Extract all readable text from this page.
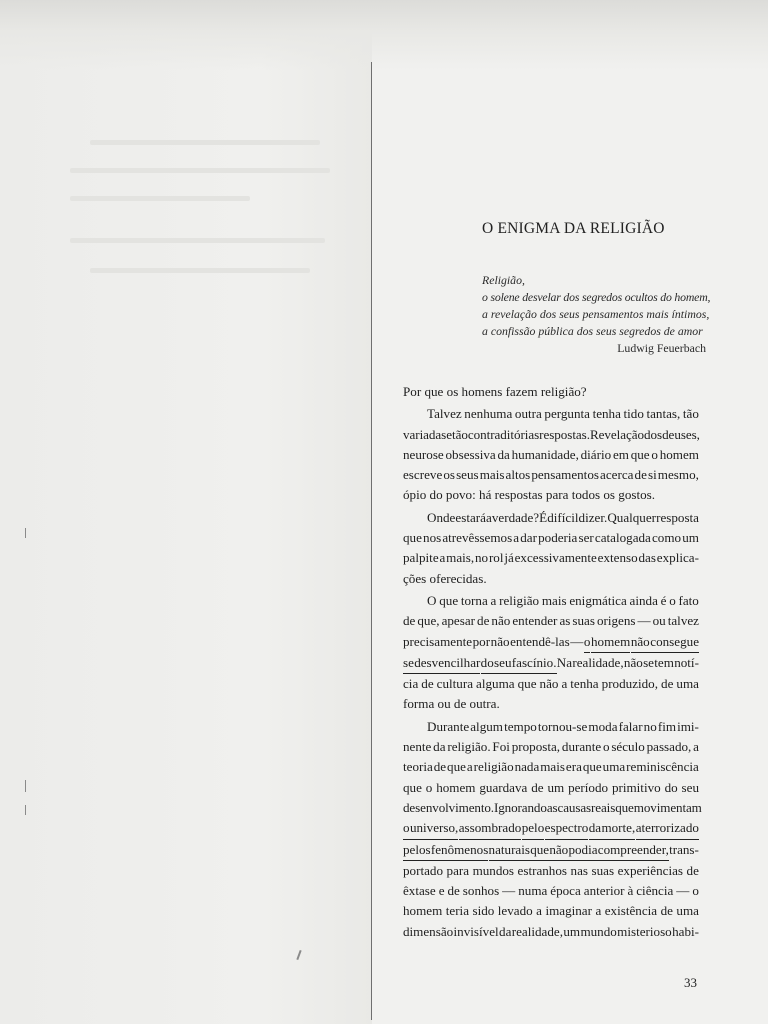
O ENIGMA DA RELIGIÃO
Religião,
o solene desvelar dos segredos ocultos do homem,
a revelação dos seus pensamentos mais íntimos,
a confissão pública dos seus segredos de amor
Ludwig Feuerbach
Por que os homens fazem religião?
Talvez nenhuma outra pergunta tenha tido tantas, tão
variadas e tão contraditórias respostas. Revelação dos deuses,
neurose obsessiva da humanidade, diário em que o homem
escreve os seus mais altos pensamentos acerca de si mesmo,
ópio do povo: há respostas para todos os gostos.
Onde estará a verdade? É difícil dizer. Qualquer resposta
que nos atrevêssemos a dar poderia ser catalogada como um
palpite a mais, no rol já excessivamente extenso das explica-
ções oferecidas.
O que torna a religião mais enigmática ainda é o fato
de que, apesar de não entender as suas origens — ou talvez
precisamente por não entendê-las — o homem não consegue
se desvencilhar do seu fascínio. Na realidade, não se tem notí-
cia de cultura alguma que não a tenha produzido, de uma
forma ou de outra.
Durante algum tempo tornou-se moda falar no fim imi-
nente da religião. Foi proposta, durante o século passado, a
teoria de que a religião nada mais era que uma reminiscência
que o homem guardava de um período primitivo do seu
desenvolvimento. Ignorando as causas reais que movimentam
o universo, assombrado pelo espectro da morte, aterrorizado
pelos fenômenos naturais que não podia compreender, trans-
portado para mundos estranhos nas suas experiências de
êxtase e de sonhos — numa época anterior à ciência — o
homem teria sido levado a imaginar a existência de uma
dimensão invisível da realidade, um mundo misterioso habi-
33
